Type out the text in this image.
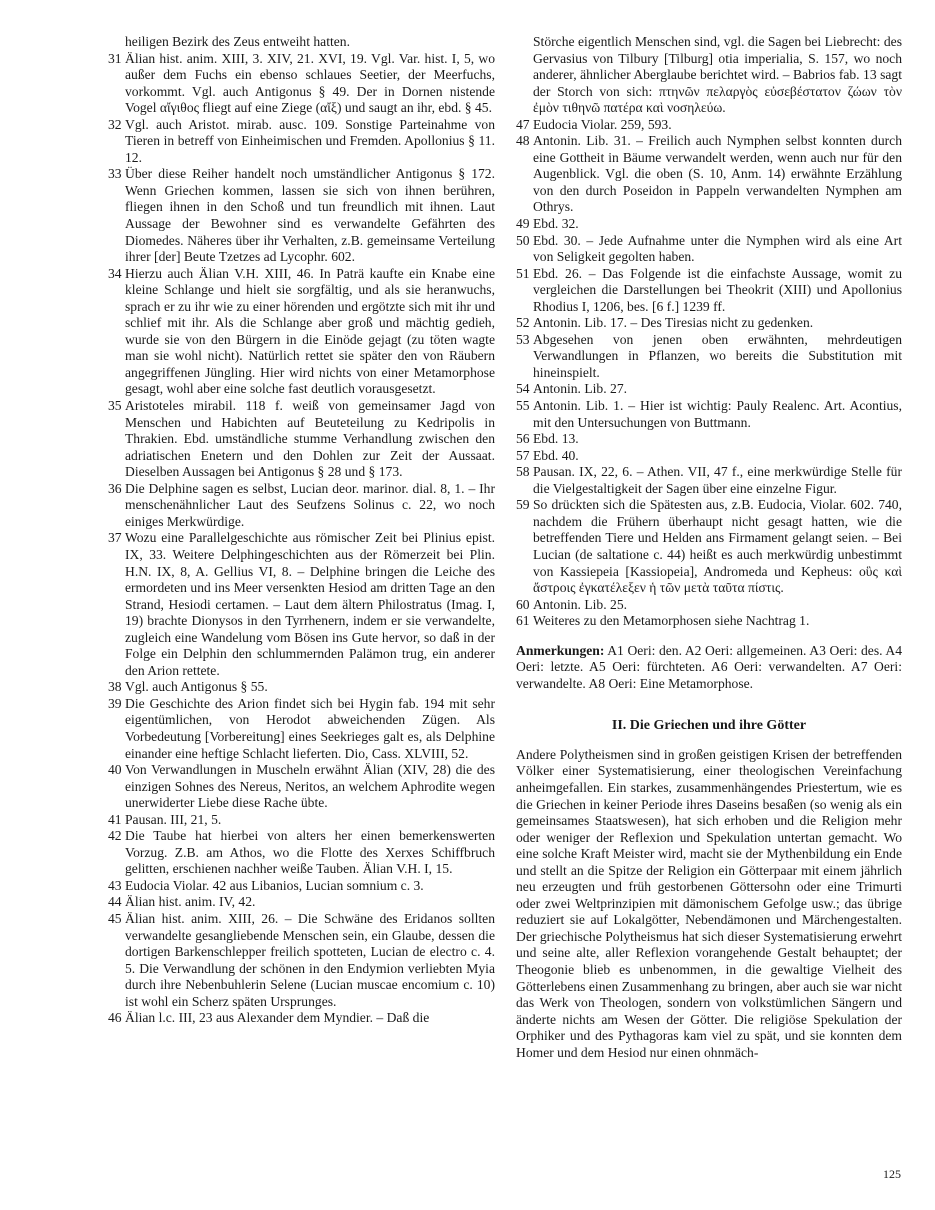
heiligen Bezirk des Zeus entweiht hatten.

31 Älian hist. anim. XIII, 3. XIV, 21. XVI, 19. Vgl. Var. hist. I, 5, wo außer dem Fuchs ein ebenso schlaues Seetier, der Meerfuchs, vorkommt. Vgl. auch Antigonus § 49. Der in Dornen nistende Vogel αἴγιθος fliegt auf eine Ziege (αἴξ) und saugt an ihr, ebd. § 45.

32 Vgl. auch Aristot. mirab. ausc. 109. Sonstige Parteinahme von Tieren in betreff von Einheimischen und Fremden. Apollonius § 11. 12.

33 Über diese Reiher handelt noch umständlicher Antigonus § 172. Wenn Griechen kommen, lassen sie sich von ihnen berühren, fliegen ihnen in den Schoß und tun freundlich mit ihnen. Laut Aussage der Bewohner sind es verwandelte Gefährten des Diomedes. Näheres über ihr Verhalten, z.B. gemeinsame Verteilung ihrer [der] Beute Tzetzes ad Lycophr. 602.

34 Hierzu auch Älian V.H. XIII, 46. In Paträ kaufte ein Knabe eine kleine Schlange und hielt sie sorgfältig, und als sie heranwuchs, sprach er zu ihr wie zu einer hörenden und ergötzte sich mit ihr und schlief mit ihr. Als die Schlange aber groß und mächtig gedieh, wurde sie von den Bürgern in die Einöde gejagt (zu töten wagte man sie wohl nicht). Natürlich rettet sie später den von Räubern angegriffenen Jüngling. Hier wird nichts von einer Metamorphose gesagt, wohl aber eine solche fast deutlich vorausgesetzt.

35 Aristoteles mirabil. 118 f. weiß von gemeinsamer Jagd von Menschen und Habichten auf Beuteteilung zu Kedripolis in Thrakien. Ebd. umständliche stumme Verhandlung zwischen den adriatischen Enetern und den Dohlen zur Zeit der Aussaat. Dieselben Aussagen bei Antigonus § 28 und § 173.

36 Die Delphine sagen es selbst, Lucian deor. marinor. dial. 8, 1. – Ihr menschenähnlicher Laut des Seufzens Solinus c. 22, wo noch einiges Merkwürdige.

37 Wozu eine Parallelgeschichte aus römischer Zeit bei Plinius epist. IX, 33. Weitere Delphingeschichten aus der Römerzeit bei Plin. H.N. IX, 8, A. Gellius VI, 8. – Delphine bringen die Leiche des ermordeten und ins Meer versenkten Hesiod am dritten Tage an den Strand, Hesiodi certamen. – Laut dem ältern Philostratus (Imag. I, 19) brachte Dionysos in den Tyrrhenern, indem er sie verwandelte, zugleich eine Wandelung vom Bösen ins Gute hervor, so daß in der Folge ein Delphin den schlummernden Palämon trug, ein anderer den Arion rettete.

38 Vgl. auch Antigonus § 55.

39 Die Geschichte des Arion findet sich bei Hygin fab. 194 mit sehr eigentümlichen, von Herodot abweichenden Zügen. Als Vorbedeutung [Vorbereitung] eines Seekrieges galt es, als Delphine einander eine heftige Schlacht lieferten. Dio, Cass. XLVIII, 52.

40 Von Verwandlungen in Muscheln erwähnt Älian (XIV, 28) die des einzigen Sohnes des Nereus, Neritos, an welchem Aphrodite wegen unerwiderter Liebe diese Rache übte.

41 Pausan. III, 21, 5.

42 Die Taube hat hierbei von alters her einen bemerkenswerten Vorzug. Z.B. am Athos, wo die Flotte des Xerxes Schiffbruch gelitten, erschienen nachher weiße Tauben. Älian V.H. I, 15.

43 Eudocia Violar. 42 aus Libanios, Lucian somnium c. 3.

44 Älian hist. anim. IV, 42.

45 Älian hist. anim. XIII, 26. – Die Schwäne des Eridanos sollten verwandelte gesangliebende Menschen sein, ein Glaube, dessen die dortigen Barkenschlepper freilich spotteten, Lucian de electro c. 4. 5. Die Verwandlung der schönen in den Endymion verliebten Myia durch ihre Nebenbuhlerin Selene (Lucian muscae encomium c. 10) ist wohl ein Scherz späten Ursprunges.

46 Älian l.c. III, 23 aus Alexander dem Myndier. – Daß die

Störche eigentlich Menschen sind, vgl. die Sagen bei Liebrecht: des Gervasius von Tilbury [Tilburg] otia imperialia, S. 157, wo noch anderer, ähnlicher Aberglaube berichtet wird. – Babrios fab. 13 sagt der Storch von sich: πτηνῶν πελαργὸς εὐσεβέστατον ζώων τὸν ἐμὸν τιθηνῶ πατέρα καὶ νοσηλεύω.

47 Eudocia Violar. 259, 593.

48 Antonin. Lib. 31. – Freilich auch Nymphen selbst konnten durch eine Gottheit in Bäume verwandelt werden, wenn auch nur für den Augenblick. Vgl. die oben (S. 10, Anm. 14) erwähnte Erzählung von den durch Poseidon in Pappeln verwandelten Nymphen am Othrys.

49 Ebd. 32.

50 Ebd. 30. – Jede Aufnahme unter die Nymphen wird als eine Art von Seligkeit gegolten haben.

51 Ebd. 26. – Das Folgende ist die einfachste Aussage, womit zu vergleichen die Darstellungen bei Theokrit (XIII) und Apollonius Rhodius I, 1206, bes. [6 f.] 1239 ff.

52 Antonin. Lib. 17. – Des Tiresias nicht zu gedenken.

53 Abgesehen von jenen oben erwähnten, mehrdeutigen Verwandlungen in Pflanzen, wo bereits die Substitution mit hineinspielt.

54 Antonin. Lib. 27.

55 Antonin. Lib. 1. – Hier ist wichtig: Pauly Realenc. Art. Acontius, mit den Untersuchungen von Buttmann.

56 Ebd. 13.

57 Ebd. 40.

58 Pausan. IX, 22, 6. – Athen. VII, 47 f., eine merkwürdige Stelle für die Vielgestaltigkeit der Sagen über eine einzelne Figur.

59 So drückten sich die Spätesten aus, z.B. Eudocia, Violar. 602. 740, nachdem die Frühern überhaupt nicht gesagt hatten, wie die betreffenden Tiere und Helden ans Firmament gelangt seien. – Bei Lucian (de saltatione c. 44) heißt es auch merkwürdig unbestimmt von Kassiepeia [Kassiopeia], Andromeda und Kepheus: οὓς καὶ ἄστροις ἐγκατέλεξεν ἡ τῶν μετὰ ταῦτα πίστις.

60 Antonin. Lib. 25.

61 Weiteres zu den Metamorphosen siehe Nachtrag 1.

Anmerkungen: A1 Oeri: den. A2 Oeri: allgemeinen. A3 Oeri: des. A4 Oeri: letzte. A5 Oeri: fürchteten. A6 Oeri: verwandelten. A7 Oeri: verwandelte. A8 Oeri: Eine Metamorphose.

II. Die Griechen und ihre Götter

Andere Polytheismen sind in großen geistigen Krisen der betreffenden Völker einer Systematisierung, einer theologischen Vereinfachung anheimgefallen. Ein starkes, zusammenhängendes Priestertum, wie es die Griechen in keiner Periode ihres Daseins besaßen (so wenig als ein gemeinsames Staatswesen), hat sich erhoben und die Religion mehr oder weniger der Reflexion und Spekulation untertan gemacht. Wo eine solche Kraft Meister wird, macht sie der Mythenbildung ein Ende und stellt an die Spitze der Religion ein Götterpaar mit einem jährlich neu erzeugten und früh gestorbenen Göttersohn oder eine Trimurti oder zwei Weltprinzipien mit dämonischem Gefolge usw.; das übrige reduziert sie auf Lokalgötter, Nebendämonen und Märchengestalten. Der griechische Polytheismus hat sich dieser Systematisierung erwehrt und seine alte, aller Reflexion vorangehende Gestalt behauptet; der Theogonie blieb es unbenommen, in die gewaltige Vielheit des Götterlebens einen Zusammenhang zu bringen, aber auch sie war nicht das Werk von Theologen, sondern von volkstümlichen Sängern und änderte nichts am Wesen der Götter. Die religiöse Spekulation der Orphiker und des Pythagoras kam viel zu spät, und sie konnten dem Homer und dem Hesiod nur einen ohnmäch-

125
